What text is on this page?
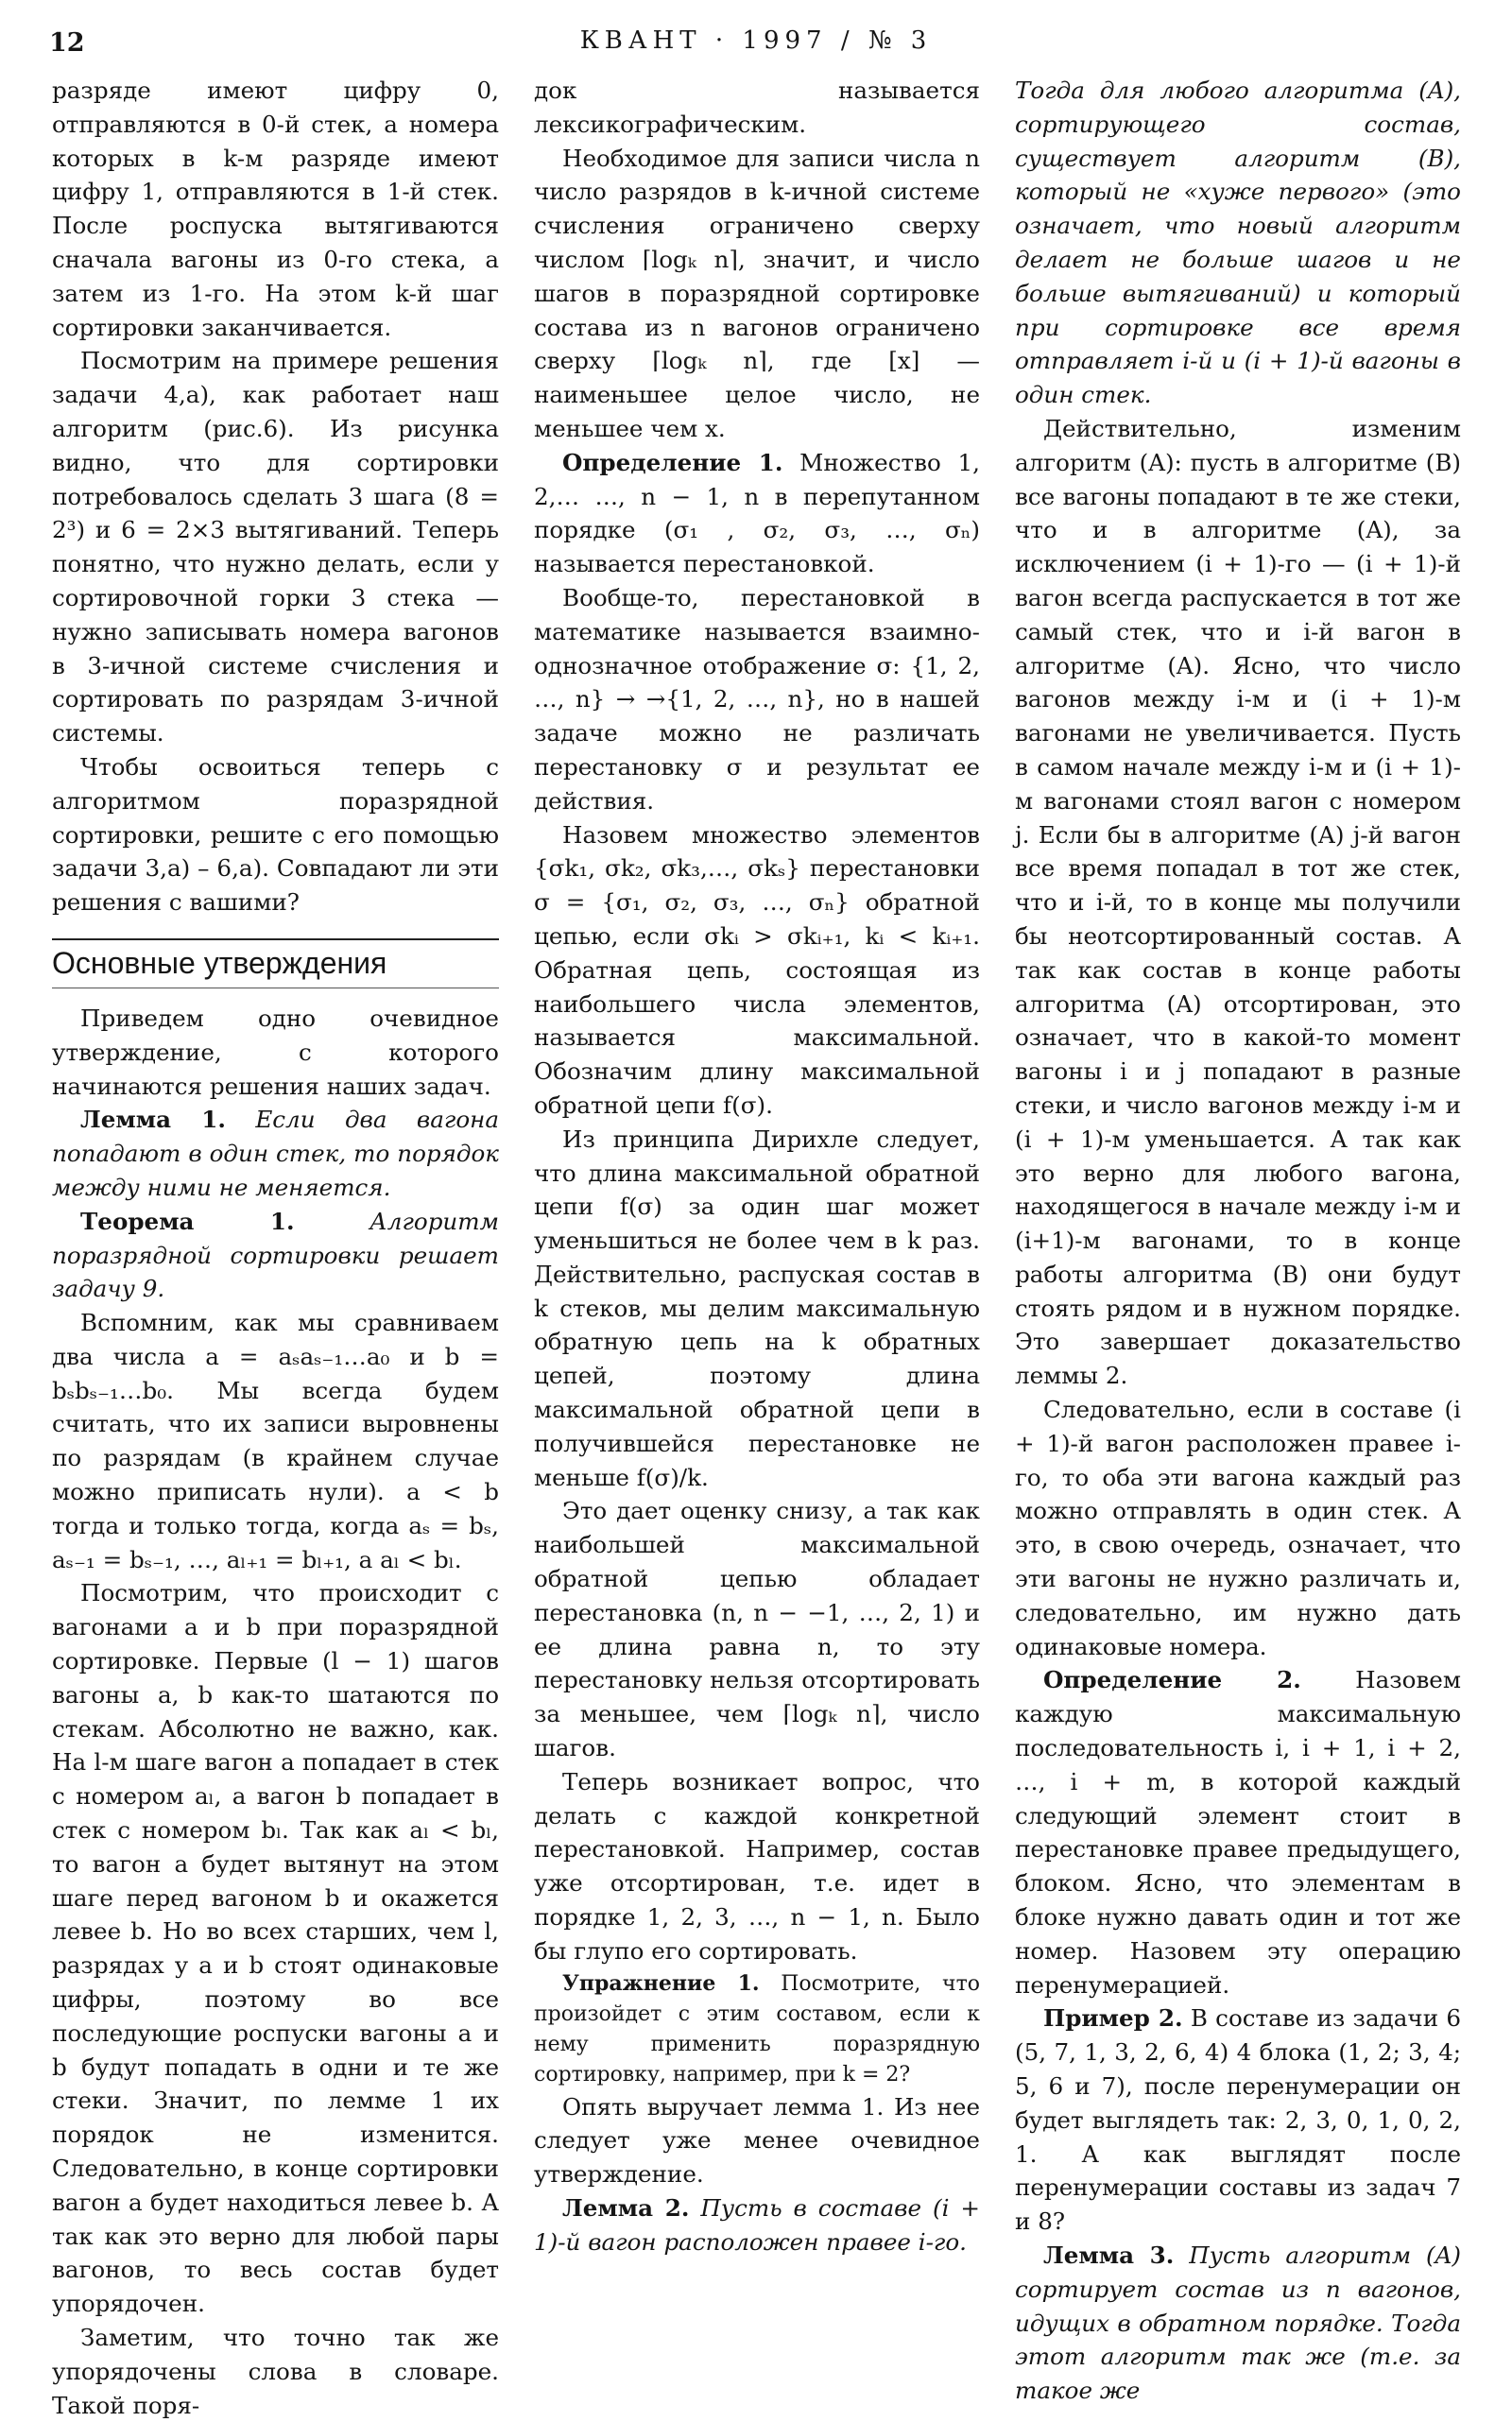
12	КВАНТ · 1997 / № 3

разряде имеют цифру 0, отправляются в 0-й стек, а номера которых в k-м разряде имеют цифру 1, отправляются в 1-й стек. После роспуска вытягиваются сначала вагоны из 0-го стека, а затем из 1-го. На этом k-й шаг сортировки заканчивается.

Посмотрим на примере решения задачи 4,а), как работает наш алгоритм (рис.6). Из рисунка видно, что для сортировки потребовалось сделать 3 шага (8 = 2³) и 6 = 2×3 вытягиваний. Теперь понятно, что нужно делать, если у сортировочной горки 3 стека — нужно записывать номера вагонов в 3-ичной системе счисления и сортировать по разрядам 3-ичной системы.

Чтобы освоиться теперь с алгоритмом поразрядной сортировки, решите с его помощью задачи 3,а) – 6,а). Совпадают ли эти решения с вашими?

Основные утверждения

Приведем одно очевидное утверждение, с которого начинаются решения наших задач.

Лемма 1. Если два вагона попадают в один стек, то порядок между ними не меняется.

Теорема 1.	Алгоритм поразрядной сортировки решает задачу 9.

Вспомним, как мы сравниваем два числа a = aₛaₛ₋₁…a₀ и b = bₛbₛ₋₁…b₀. Мы всегда будем считать, что их записи выровнены по разрядам (в крайнем случае можно приписать нули). a < b тогда и только тогда, когда aₛ = bₛ, aₛ₋₁ = bₛ₋₁, …, aₗ₊₁ = bₗ₊₁, а aₗ < bₗ.

Посмотрим, что происходит с вагонами a и b при поразрядной сортировке. Первые (l − 1) шагов вагоны a, b как-то шатаются по стекам. Абсолютно не важно, как. На l-м шаге вагон a попадает в стек с номером aₗ, а вагон b попадает в стек с номером bₗ. Так как aₗ < bₗ, то вагон a будет вытянут на этом шаге перед вагоном b и окажется левее b. Но во всех старших, чем l, разрядах у a и b стоят одинаковые цифры, поэтому во все последующие роспуски вагоны a и b будут попадать в одни и те же стеки. Значит, по лемме 1 их порядок не изменится. Следовательно, в конце сортировки вагон a будет находиться левее b. А так как это верно для любой пары вагонов, то весь состав будет упорядочен.

Заметим, что точно так же упорядочены слова в словаре. Такой поря-

док называется лексикографическим.

Необходимое для записи числа n число разрядов в k-ичной системе счисления ограничено сверху числом ⌈logₖ n⌉, значит, и число шагов в поразрядной сортировке состава из n вагонов ограничено сверху ⌈logₖ n⌉, где [x] — наименьшее целое число, не меньшее чем x.

Определение 1. Множество 1, 2,… …, n − 1, n в перепутанном порядке (σ₁ , σ₂, σ₃, …, σₙ) называется перестановкой.

Вообще-то, перестановкой в математике называется взаимно-однозначное отображение σ: {1, 2, …, n} → →{1, 2, …, n}, но в нашей задаче можно не различать перестановку σ и результат ее действия.

Назовем множество элементов {σk₁, σk₂, σk₃,…, σkₛ} перестановки σ = {σ₁, σ₂, σ₃, …, σₙ} обратной цепью, если σkᵢ > σkᵢ₊₁, kᵢ < kᵢ₊₁. Обратная цепь, состоящая из наибольшего числа элементов, называется максимальной. Обозначим длину максимальной обратной цепи f(σ).

Из принципа Дирихле следует, что длина максимальной обратной цепи f(σ) за один шаг может уменьшиться не более чем в k раз. Действительно, распуская состав в k стеков, мы делим максимальную обратную цепь на k обратных цепей, поэтому длина максимальной обратной цепи в получившейся перестановке не меньше f(σ)/k.

Это дает оценку снизу, а так как наибольшей максимальной обратной цепью обладает перестановка (n, n − −1, …, 2, 1) и ее длина равна n, то эту перестановку нельзя отсортировать за меньшее, чем ⌈logₖ n⌉, число шагов.

Теперь возникает вопрос, что делать с каждой конкретной перестановкой. Например, состав уже отсортирован, т.е. идет в порядке 1, 2, 3, …, n − 1, n. Было бы глупо его сортировать.

Упражнение 1. Посмотрите, что произойдет с этим составом, если к нему применить поразрядную сортировку, например, при k = 2?

Опять выручает лемма 1. Из нее следует уже менее очевидное утверждение.

Лемма 2. Пусть в составе (i + 1)-й вагон расположен правее i-го.

Тогда для любого алгоритма (A), сортирующего состав, существует алгоритм (B), который не «хуже первого» (это означает, что новый алгоритм делает не больше шагов и не больше вытягиваний) и который при сортировке все время отправляет i-й и (i + 1)-й вагоны в один стек.

Действительно, изменим алгоритм (A): пусть в алгоритме (B) все вагоны попадают в те же стеки, что и в алгоритме (A), за исключением (i + 1)-го — (i + 1)-й вагон всегда распускается в тот же самый стек, что и i-й вагон в алгоритме (A). Ясно, что число вагонов между i-м и (i + 1)-м вагонами не увеличивается. Пусть в самом начале между i-м и (i + 1)-м вагонами стоял вагон с номером j. Если бы в алгоритме (A) j-й вагон все время попадал в тот же стек, что и i-й, то в конце мы получили бы неотсортированный состав. А так как состав в конце работы алгоритма (A) отсортирован, это означает, что в какой-то момент вагоны i и j попадают в разные стеки, и число вагонов между i-м и (i + 1)-м уменьшается. А так как это верно для любого вагона, находящегося в начале между i-м и (i+1)-м вагонами, то в конце работы алгоритма (B) они будут стоять рядом и в нужном порядке. Это завершает доказательство леммы 2.

Следовательно, если в составе (i + 1)-й вагон расположен правее i-го, то оба эти вагона каждый раз можно отправлять в один стек. А это, в свою очередь, означает, что эти вагоны не нужно различать и, следовательно, им нужно дать одинаковые номера.

Определение 2. Назовем каждую максимальную последовательность i, i + 1, i + 2, …, i + m, в которой каждый следующий элемент стоит в перестановке правее предыдущего, блоком. Ясно, что элементам в блоке нужно давать один и тот же номер. Назовем эту операцию перенумерацией.

Пример 2. В составе из задачи 6 (5, 7, 1, 3, 2, 6, 4) 4 блока (1, 2; 3, 4; 5, 6 и 7), после перенумерации он будет выглядеть так: 2, 3, 0, 1, 0, 2, 1. А как выглядят после перенумерации составы из задач 7 и 8?

Лемма 3. Пусть алгоритм (A) сортирует состав из n вагонов, идущих в обратном порядке. Тогда этот алгоритм так же (т.е. за такое же
